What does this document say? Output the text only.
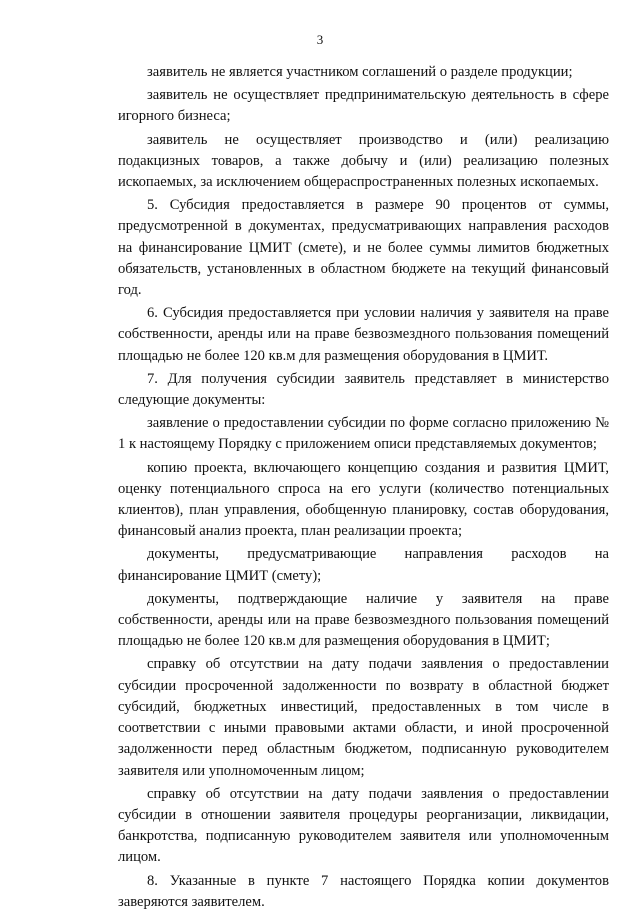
3

заявитель не является участником соглашений о разделе продукции;

заявитель не осуществляет предпринимательскую деятельность в сфере игорного бизнеса;

заявитель не осуществляет производство и (или) реализацию подакцизных товаров, а также добычу и (или) реализацию полезных ископаемых, за исключением общераспространенных полезных ископаемых.

5. Субсидия предоставляется в размере 90 процентов от суммы, предусмотренной в документах, предусматривающих направления расходов на финансирование ЦМИТ (смете), и не более суммы лимитов бюджетных обязательств, установленных в областном бюджете на текущий финансовый год.

6. Субсидия предоставляется при условии наличия у заявителя на праве собственности, аренды или на праве безвозмездного пользования помещений площадью не более 120 кв.м для размещения оборудования в ЦМИТ.

7. Для получения субсидии заявитель представляет в министерство следующие документы:

заявление о предоставлении субсидии по форме согласно приложению № 1 к настоящему Порядку с приложением описи представляемых документов;

копию проекта, включающего концепцию создания и развития ЦМИТ, оценку потенциального спроса на его услуги (количество потенциальных клиентов), план управления, обобщенную планировку, состав оборудования, финансовый анализ проекта, план реализации проекта;

документы, предусматривающие направления расходов на финансирование ЦМИТ (смету);

документы, подтверждающие наличие у заявителя на праве собственности, аренды или на праве безвозмездного пользования помещений площадью не более 120 кв.м для размещения оборудования в ЦМИТ;

справку об отсутствии на дату подачи заявления о предоставлении субсидии просроченной задолженности по возврату в областной бюджет субсидий, бюджетных инвестиций, предоставленных в том числе в соответствии с иными правовыми актами области, и иной просроченной задолженности перед областным бюджетом, подписанную руководителем заявителя или уполномоченным лицом;

справку об отсутствии на дату подачи заявления о предоставлении субсидии в отношении заявителя процедуры реорганизации, ликвидации, банкротства, подписанную руководителем заявителя или уполномоченным лицом.

8. Указанные в пункте 7 настоящего Порядка копии документов заверяются заявителем.
